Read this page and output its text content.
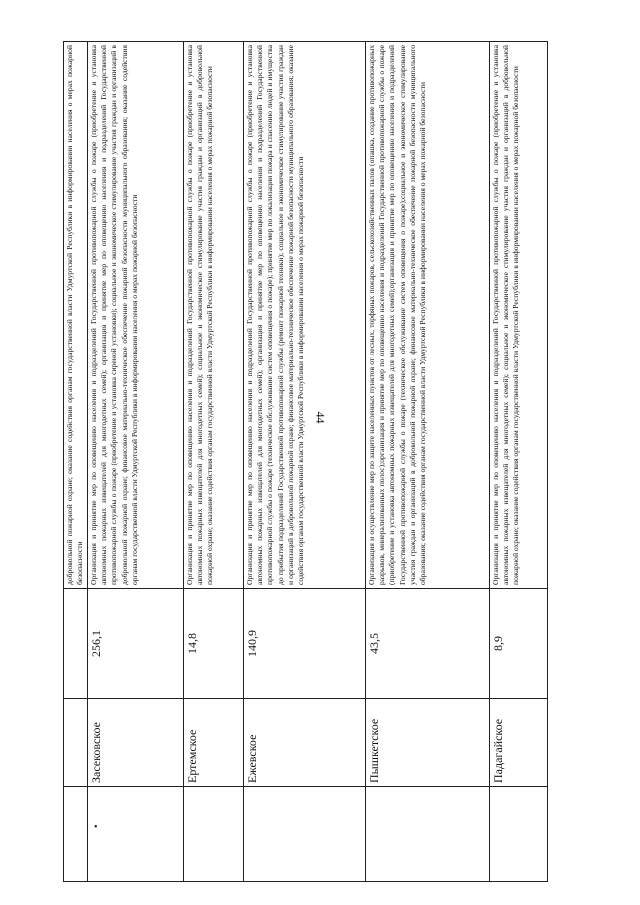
44
			добровольной пожарной охране; оказание содействия органам государственной власти Удмуртской Республики в информировании населения о мерах пожарной безопасности
	Засековское	256,1	Организация и принятие мер по оповещению населения и подразделений Государственной противопожарной службы о пожаре (приобретение и установка автономных пожарных извещателей для многодетных семей); организация и принятие мер по оповещению населения и подразделений Государственной противопожарной службы о пожаре (приобретение и установка сиреной установки); социальное и экономическое стимулирование участия граждан и организаций в добровольной пожарной охране; финансовое материально-техническое обеспечение пожарной безопасности муниципального образования; оказание содействия органам государственной власти Удмуртской Республики в информировании населения о мерах пожарной безопасности
	Ертемское	14,8	Организация и принятие мер по оповещению населения и подразделений Государственной противопожарной службы о пожаре (приобретение и установка автономных пожарных извещателей для многодетных семей); социальное и экономическое стимулирование участия граждан и организаций в добровольной пожарной охране; оказание содействия органам государственной власти Удмуртской Республики в информировании населения о мерах пожарной безопасности
	Ежевское	140,9	Организация и принятие мер по оповещению населения и подразделений Государственной противопожарной службы о пожаре (приобретение и установка автономных пожарных извещателей для многодетных семей); организация и принятие мер по оповещению населения и подразделений Государственной противопожарной службы о пожаре (техническое обслуживание систем оповещения о пожаре); принятие мер по локализации пожара и спасению людей и имущества до прибытия подразделений Государственной противопожарной службы (ремонт пожарной техники); социальное и экономическое стимулирование участия граждан и организаций в добровольной пожарной охране; финансовое материально-техническое обеспечение пожарной безопасности муниципального образования; оказание содействия органам государственной власти Удмуртской Республики в информировании населения о мерах пожарной безопасности
	Пышкетское	43,5	Организация и осуществление мер по защите населенных пунктов от лесных, торфяных пожаров, сельскохозяйственных палов (опашка, создание противопожарных разрывов, минерализованных полос);организация и принятие мер по оповещению населения и подразделений Государственной противопожарной службы о пожаре (приобретение и установка автономных пожарных извещателей для многодетных семей);организация и принятие мер по оповещению населения и подразделений Государственной противопожарной службы о пожаре (техническое обслуживание систем оповещения о пожаре);социальное и экономическое стимулирование участия граждан и организаций в добровольной пожарной охране; финансовое материально-техническое обеспечение пожарной безопасности муниципального образования; оказание содействия органам государственной власти Удмуртской Республики в информировании населения о мерах пожарной безопасности
	Падагайское	8,9	Организация и принятие мер по оповещению населения и подразделений Государственной противопожарной службы о пожаре (приобретение и установка автономных пожарных извещателей для многодетных семей); социальное и экономическое стимулирование участия граждан и организаций в добровольной пожарной охране; оказание содействия органам государственной власти Удмуртской Республики в информировании населения о мерах пожарной безопасности
•
